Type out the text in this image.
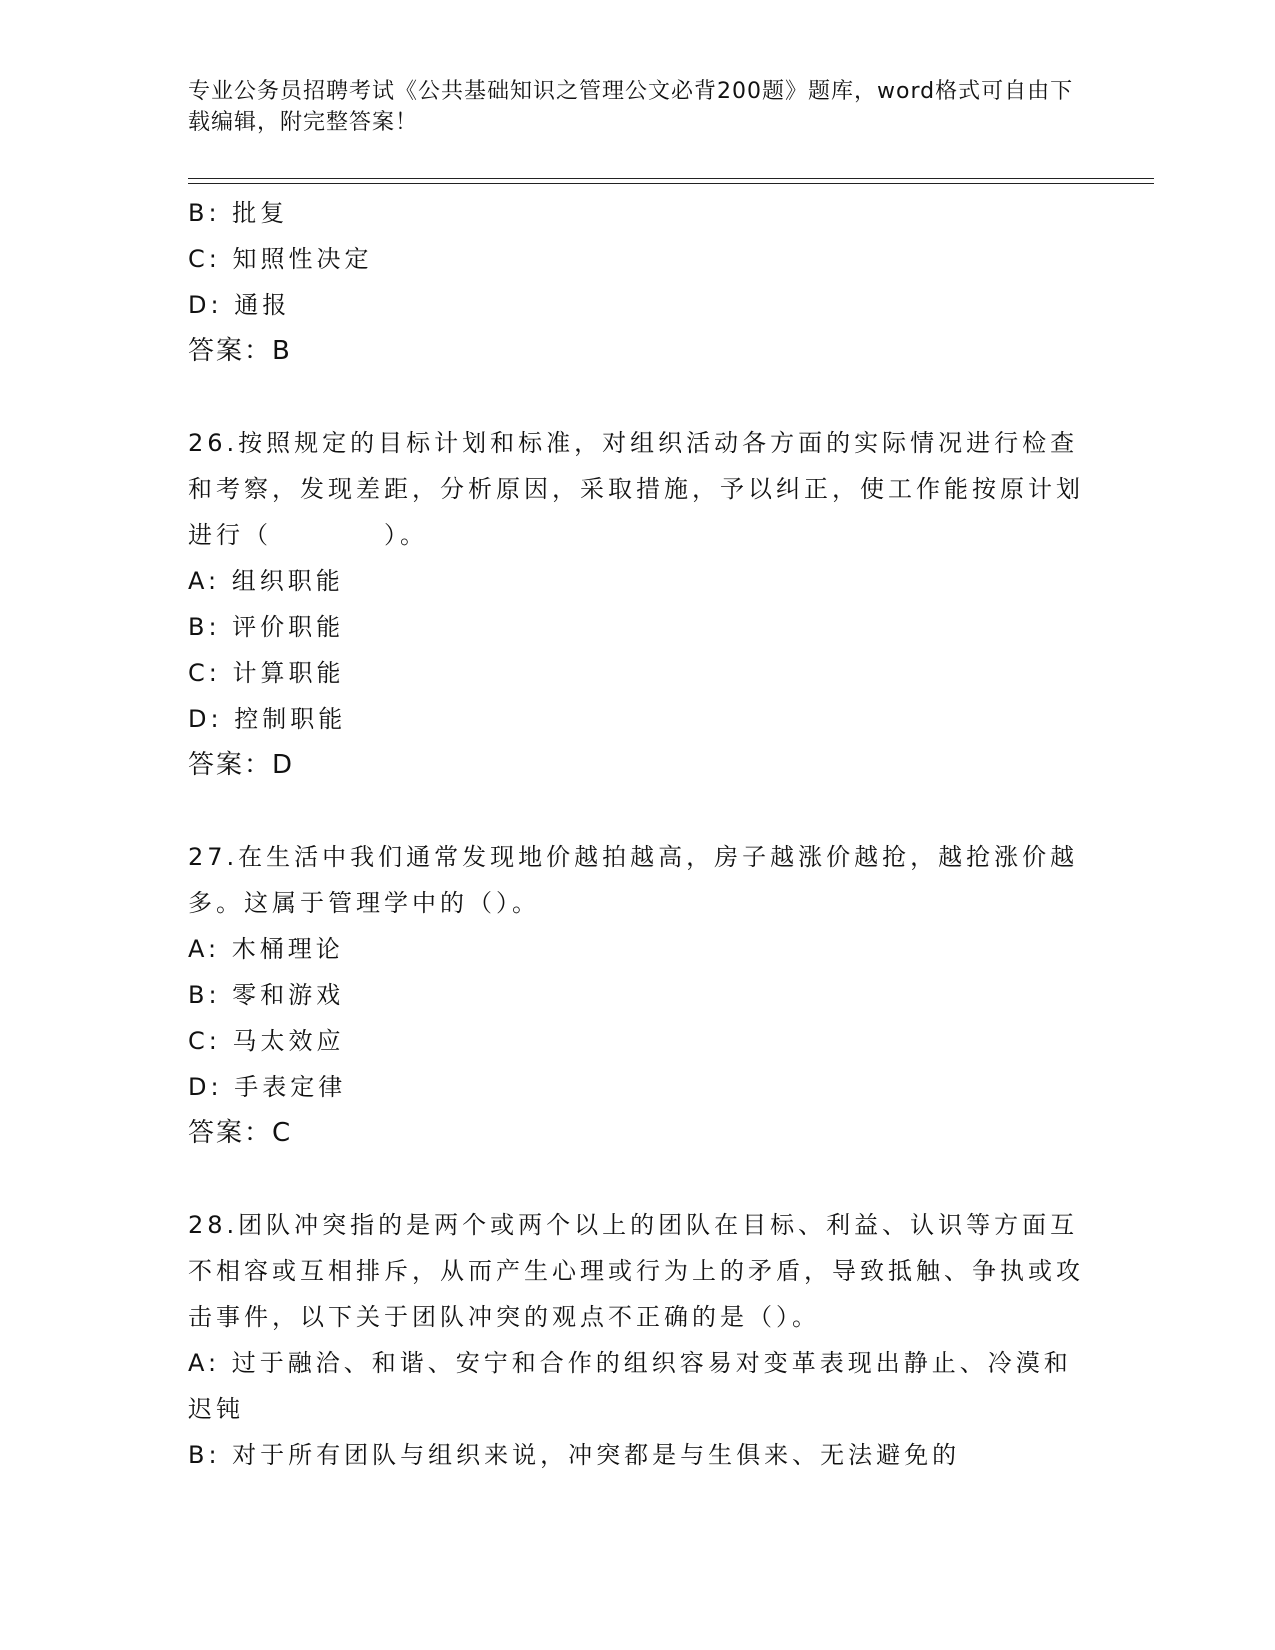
专业公务员招聘考试《公共基础知识之管理公文必背200题》题库，word格式可自由下载编辑，附完整答案！
B: 批复
C: 知照性决定
D: 通报
答案：B
26.按照规定的目标计划和标准，对组织活动各方面的实际情况进行检查和考察，发现差距，分析原因，采取措施，予以纠正，使工作能按原计划进行（　　　　）。
A: 组织职能
B: 评价职能
C: 计算职能
D: 控制职能
答案：D
27.在生活中我们通常发现地价越拍越高，房子越涨价越抢，越抢涨价越多。这属于管理学中的（）。
A: 木桶理论
B: 零和游戏
C: 马太效应
D: 手表定律
答案：C
28.团队冲突指的是两个或两个以上的团队在目标、利益、认识等方面互不相容或互相排斥，从而产生心理或行为上的矛盾，导致抵触、争执或攻击事件，以下关于团队冲突的观点不正确的是（）。
A: 过于融洽、和谐、安宁和合作的组织容易对变革表现出静止、冷漠和迟钝
B: 对于所有团队与组织来说，冲突都是与生俱来、无法避免的
